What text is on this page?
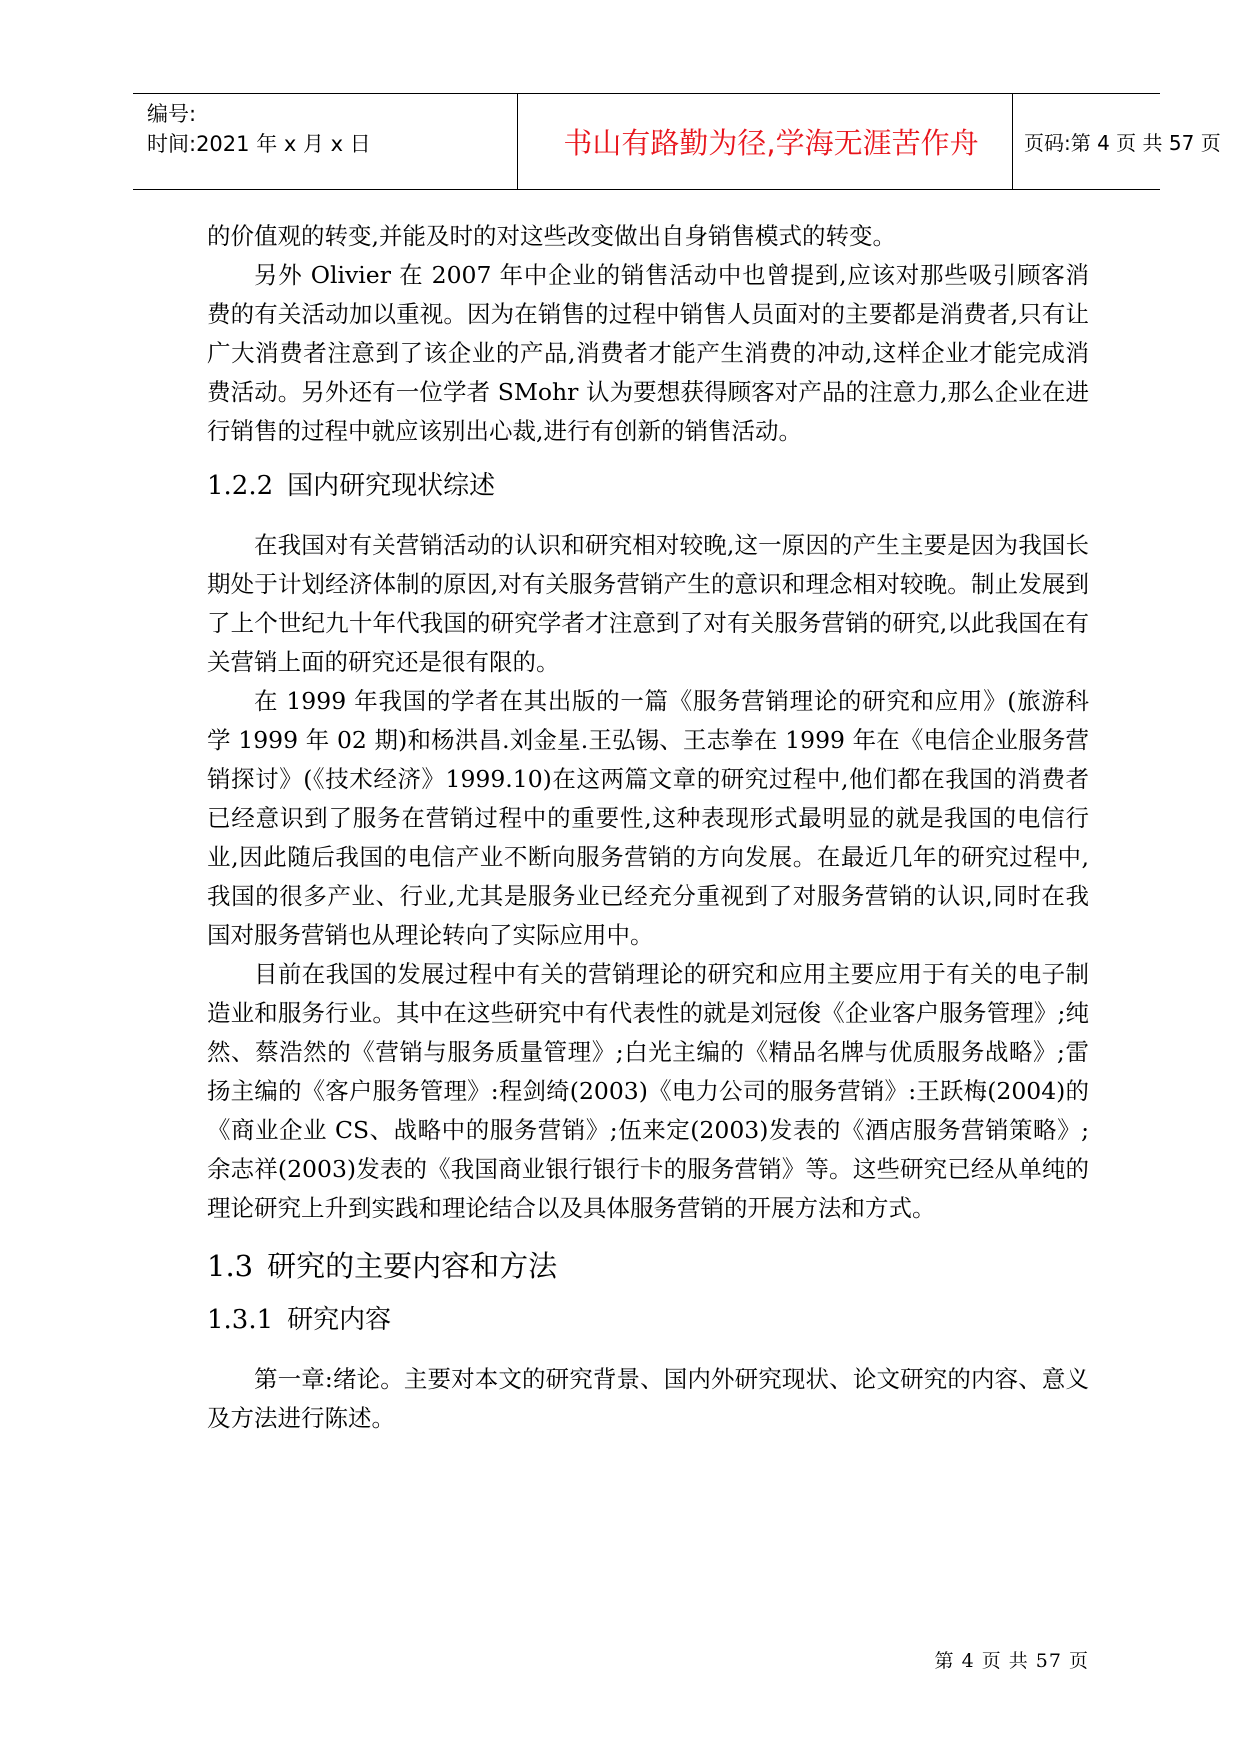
编号:
时间:2021 年 x 月 x 日	书山有路勤为径,学海无涯苦作舟	页码:第 4 页 共 57 页

的价值观的转变,并能及时的对这些改变做出自身销售模式的转变。

另外 Olivier 在 2007 年中企业的销售活动中也曾提到,应该对那些吸引顾客消费的有关活动加以重视。因为在销售的过程中销售人员面对的主要都是消费者,只有让广大消费者注意到了该企业的产品,消费者才能产生消费的冲动,这样企业才能完成消费活动。另外还有一位学者 SMohr 认为要想获得顾客对产品的注意力,那么企业在进行销售的过程中就应该别出心裁,进行有创新的销售活动。

1.2.2 国内研究现状综述

在我国对有关营销活动的认识和研究相对较晚,这一原因的产生主要是因为我国长期处于计划经济体制的原因,对有关服务营销产生的意识和理念相对较晚。制止发展到了上个世纪九十年代我国的研究学者才注意到了对有关服务营销的研究,以此我国在有关营销上面的研究还是很有限的。

在 1999 年我国的学者在其出版的一篇《服务营销理论的研究和应用》(旅游科学 1999 年 02 期)和杨洪昌.刘金星.王弘锡、王志拳在 1999 年在《电信企业服务营销探讨》(《技术经济》1999.10)在这两篇文章的研究过程中,他们都在我国的消费者已经意识到了服务在营销过程中的重要性,这种表现形式最明显的就是我国的电信行业,因此随后我国的电信产业不断向服务营销的方向发展。在最近几年的研究过程中,我国的很多产业、行业,尤其是服务业已经充分重视到了对服务营销的认识,同时在我国对服务营销也从理论转向了实际应用中。

目前在我国的发展过程中有关的营销理论的研究和应用主要应用于有关的电子制造业和服务行业。其中在这些研究中有代表性的就是刘冠俊《企业客户服务管理》;纯然、蔡浩然的《营销与服务质量管理》;白光主编的《精品名牌与优质服务战略》;雷扬主编的《客户服务管理》:程剑绮(2003)《电力公司的服务营销》:王跃梅(2004)的《商业企业 CS、战略中的服务营销》;伍来定(2003)发表的《酒店服务营销策略》;余志祥(2003)发表的《我国商业银行银行卡的服务营销》等。这些研究已经从单纯的理论研究上升到实践和理论结合以及具体服务营销的开展方法和方式。

1.3 研究的主要内容和方法
1.3.1 研究内容

第一章:绪论。主要对本文的研究背景、国内外研究现状、论文研究的内容、意义及方法进行陈述。

第 4 页 共 57 页
